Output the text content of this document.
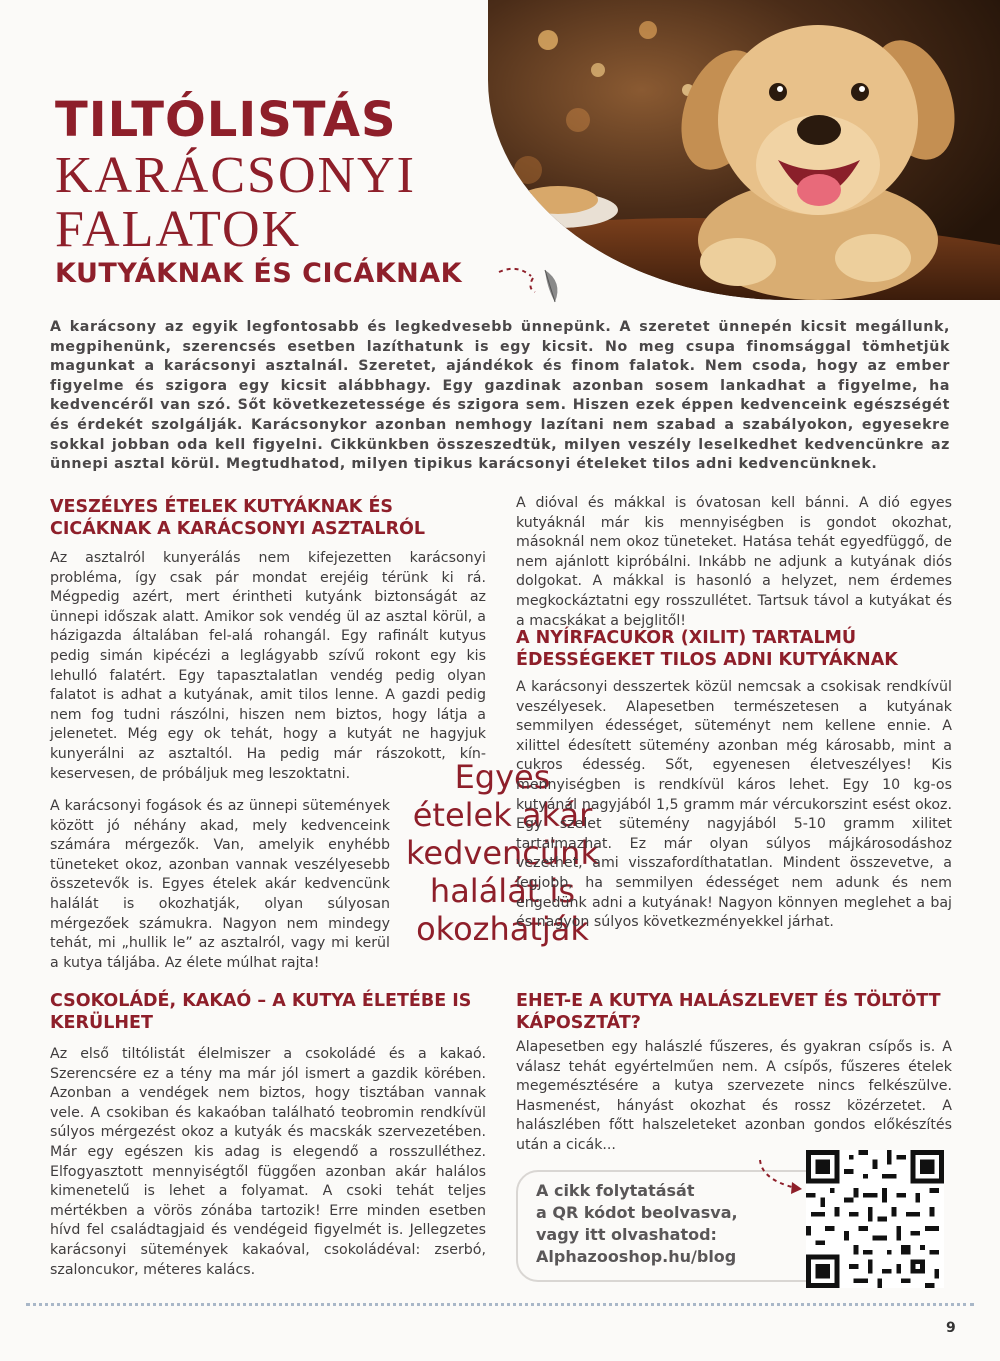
TILTÓLISTÁS
KARÁCSONYI
FALATOK
KUTYÁKNAK ÉS CICÁKNAK

A karácsony az egyik legfontosabb és legkedvesebb ünnepünk. A szeretet ünnepén kicsit megállunk, megpihenünk, szerencsés esetben lazíthatunk is egy kicsit. No meg csupa finomsággal tömhetjük magunkat a karácsonyi asztalnál. Szeretet, ajándékok és finom falatok. Nem csoda, hogy az ember figyelme és szigora egy kicsit alábbhagy. Egy gazdinak azonban sosem lankadhat a figyelme, ha kedvencéről van szó. Sőt következetessége és szigora sem. Hiszen ezek éppen kedvenceink egészségét és érdekét szolgálják. Karácsonykor azonban nemhogy lazítani nem szabad a szabályokon, egyesekre sokkal jobban oda kell figyelni. Cikkünkben összeszedtük, milyen veszély leselkedhet kedvencünkre az ünnepi asztal körül. Megtudhatod, milyen tipikus karácsonyi ételeket tilos adni kedvencünknek.

VESZÉLYES ÉTELEK KUTYÁKNAK ÉS CICÁKNAK A KARÁCSONYI ASZTALRÓL

Az asztalról kunyerálás nem kifejezetten karácsonyi probléma, így csak pár mondat erejéig térünk ki rá. Mégpedig azért, mert érintheti kutyánk biztonságát az ünnepi időszak alatt. Amikor sok vendég ül az asztal körül, a házigazda általában fel-alá rohangál. Egy rafinált kutyus pedig simán kipécézi a leglágyabb szívű rokont egy kis lehulló falatért. Egy tapasztalatlan vendég pedig olyan falatot is adhat a kutyának, amit tilos lenne. A gazdi pedig nem fog tudni rászólni, hiszen nem biztos, hogy látja a jelenetet. Még egy ok tehát, hogy a kutyát ne hagyjuk kunyerálni az asztaltól. Ha pedig már rászokott, kín-keservesen, de próbáljuk meg leszoktatni.

A karácsonyi fogások és az ünnepi sütemények között jó néhány akad, mely kedvenceink számára mérgezők. Van, amelyik enyhébb tüneteket okoz, azonban vannak veszélyesebb összetevők is. Egyes ételek akár kedvencünk halálát is okozhatják, olyan súlyosan mérgezőek számukra. Nagyon nem mindegy tehát, mi „hullik le” az asztalról, vagy mi kerül a kutya táljába. Az élete múlhat rajta!

CSOKOLÁDÉ, KAKAÓ – A KUTYA ÉLETÉBE IS KERÜLHET

Az első tiltólistát élelmiszer a csokoládé és a kakaó. Szerencsére ez a tény ma már jól ismert a gazdik körében. Azonban a vendégek nem biztos, hogy tisztában vannak vele. A csokiban és kakaóban található teobromin rendkívül súlyos mérgezést okoz a kutyák és macskák szervezetében. Már egy egészen kis adag is elegendő a rosszulléthez. Elfogyasztott mennyiségtől függően azonban akár halálos kimenetelű is lehet a folyamat. A csoki tehát teljes mértékben a vörös zónába tartozik! Erre minden esetben hívd fel családtagjaid és vendégeid figyelmét is. Jellegzetes karácsonyi sütemények kakaóval, csokoládéval: zserbó, szaloncukor, méteres kalács.

Egyes ételek akár kedvencünk halálát is okozhatják

A dióval és mákkal is óvatosan kell bánni. A dió egyes kutyáknál már kis mennyiségben is gondot okozhat, másoknál nem okoz tüneteket. Hatása tehát egyedfüggő, de nem ajánlott kipróbálni. Inkább ne adjunk a kutyának diós dolgokat. A mákkal is hasonló a helyzet, nem érdemes megkockáztatni egy rosszullétet. Tartsuk távol a kutyákat és a macskákat a bejglitől!

A NYÍRFACUKOR (XILIT) TARTALMÚ ÉDESSÉGEKET TILOS ADNI KUTYÁKNAK

A karácsonyi desszertek közül nemcsak a csokisak rendkívül veszélyesek. Alapesetben természetesen a kutyának semmilyen édességet, süteményt nem kellene ennie. A xilittel édesített sütemény azonban még károsabb, mint a cukros édesség. Sőt, egyenesen életveszélyes! Kis mennyiségben is rendkívül káros lehet. Egy 10 kg-os kutyánál nagyjából 1,5 gramm már vércukorszint esést okoz. Egy szelet sütemény nagyjából 5-10 gramm xilitet tartalmazhat. Ez már olyan súlyos májkárosodáshoz vezethet, ami visszafordíthatatlan. Mindent összevetve, a legjobb, ha semmilyen édességet nem adunk és nem engedünk adni a kutyának! Nagyon könnyen meglehet a baj és nagyon súlyos következményekkel járhat.

EHET-E A KUTYA HALÁSZLEVET ÉS TÖLTÖTT KÁPOSZTÁT?

Alapesetben egy halászlé fűszeres, és gyakran csípős is. A válasz tehát egyértelműen nem. A csípős, fűszeres ételek megemésztésére a kutya szervezete nincs felkészülve. Hasmenést, hányást okozhat és rossz közérzetet. A halászlében főtt halszeleteket azonban gondos előkészítés után a cicák...

A cikk folytatását
a QR kódot beolvasva,
vagy itt olvashatod:
Alphazooshop.hu/blog
9
